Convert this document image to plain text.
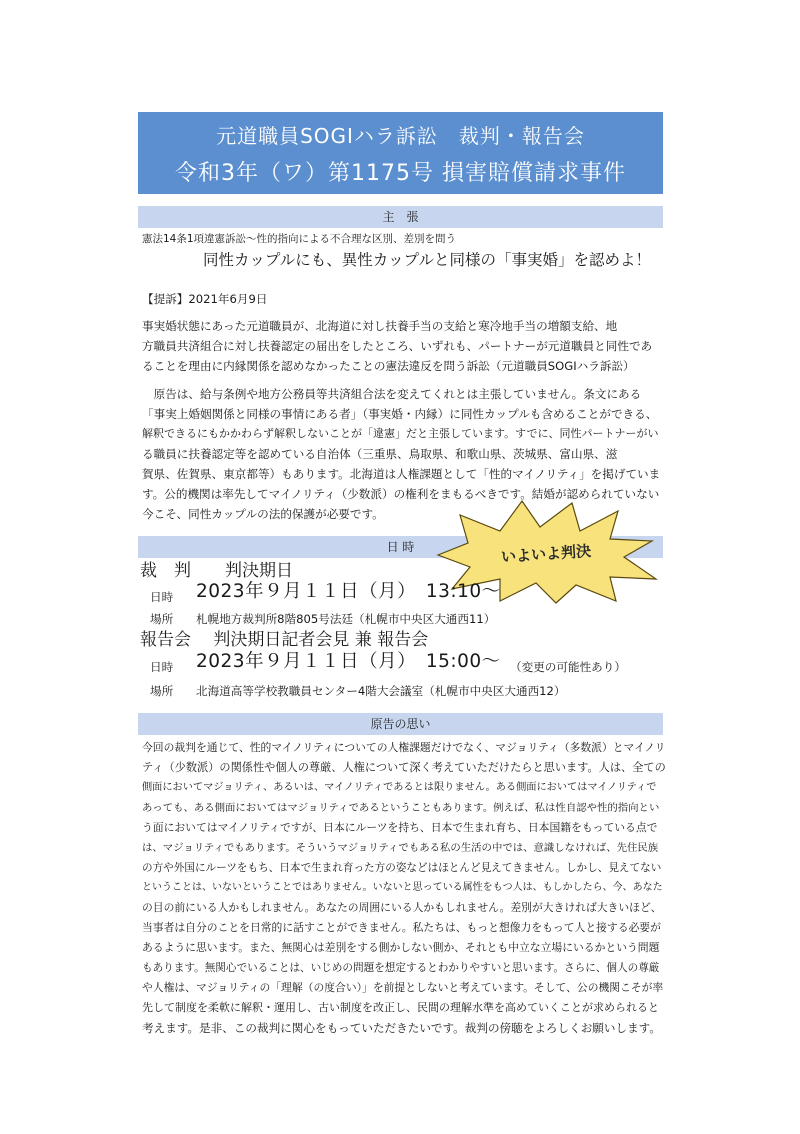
元道職員SOGIハラ訴訟　裁判・報告会
令和3年（ワ）第1175号 損害賠償請求事件
主　張
憲法14条1項違憲訴訟～性的指向による不合理な区別、差別を問う
同性カップルにも、異性カップルと同様の「事実婚」を認めよ！
【提訴】2021年6月9日
事実婚状態にあった元道職員が、北海道に対し扶養手当の支給と寒冷地手当の増額支給、地
方職員共済組合に対し扶養認定の届出をしたところ、いずれも、パートナーが元道職員と同性であ
ることを理由に内縁関係を認めなかったことの憲法違反を問う訴訟（元道職員SOGIハラ訴訟）
　原告は、給与条例や地方公務員等共済組合法を変えてくれとは主張していません。条文にある
「事実上婚姻関係と同様の事情にある者」（事実婚・内縁）に同性カップルも含めることができる、
解釈できるにもかかわらず解釈しないことが「違憲」だと主張しています。すでに、同性パートナーがい
る職員に扶養認定等を認めている自治体（三重県、鳥取県、和歌山県、茨城県、富山県、滋
賀県、佐賀県、東京都等）もあります。北海道は人権課題として「性的マイノリティ」を掲げていま
す。公的機関は率先してマイノリティ（少数派）の権利をまもるべきです。結婚が認められていない
今こそ、同性カップルの法的保護が必要です。
日 時	いよいよ判決
裁　判　　判決期日
日時 2023年９月１１日（月）　13:10～
場所 札幌地方裁判所8階805号法廷（札幌市中央区大通西11）
報告会　 判決期日記者会見 兼 報告会
日時 2023年９月１１日（月）　15:00～ （変更の可能性あり）
場所 北海道高等学校教職員センター4階大会議室（札幌市中央区大通西12）
原告の思い
今回の裁判を通じて、性的マイノリティについての人権課題だけでなく、マジョリティ（多数派）とマイノリ
ティ（少数派）の関係性や個人の尊厳、人権について深く考えていただけたらと思います。人は、全ての
側面においてマジョリティ、あるいは、マイノリティであるとは限りません。ある側面においてはマイノリティで
あっても、ある側面においてはマジョリティであるということもあります。例えば、私は性自認や性的指向とい
う面においてはマイノリティですが、日本にルーツを持ち、日本で生まれ育ち、日本国籍をもっている点で
は、マジョリティでもあります。そういうマジョリティでもある私の生活の中では、意識しなければ、先住民族
の方や外国にルーツをもち、日本で生まれ育った方の姿などはほとんど見えてきません。しかし、見えてない
ということは、いないということではありません。いないと思っている属性をもつ人は、もしかしたら、今、あなた
の目の前にいる人かもしれません。あなたの周囲にいる人かもしれません。差別が大きければ大きいほど、
当事者は自分のことを日常的に話すことができません。私たちは、もっと想像力をもって人と接する必要が
あるように思います。また、無関心は差別をする側かしない側か、それとも中立な立場にいるかという問題
もあります。無関心でいることは、いじめの問題を想定するとわかりやすいと思います。さらに、個人の尊厳
や人権は、マジョリティの「理解（の度合い）」を前提としないと考えています。そして、公の機関こそが率
先して制度を柔軟に解釈・運用し、古い制度を改正し、民間の理解水準を高めていくことが求められると
考えます。是非、この裁判に関心をもっていただきたいです。裁判の傍聴をよろしくお願いします。
